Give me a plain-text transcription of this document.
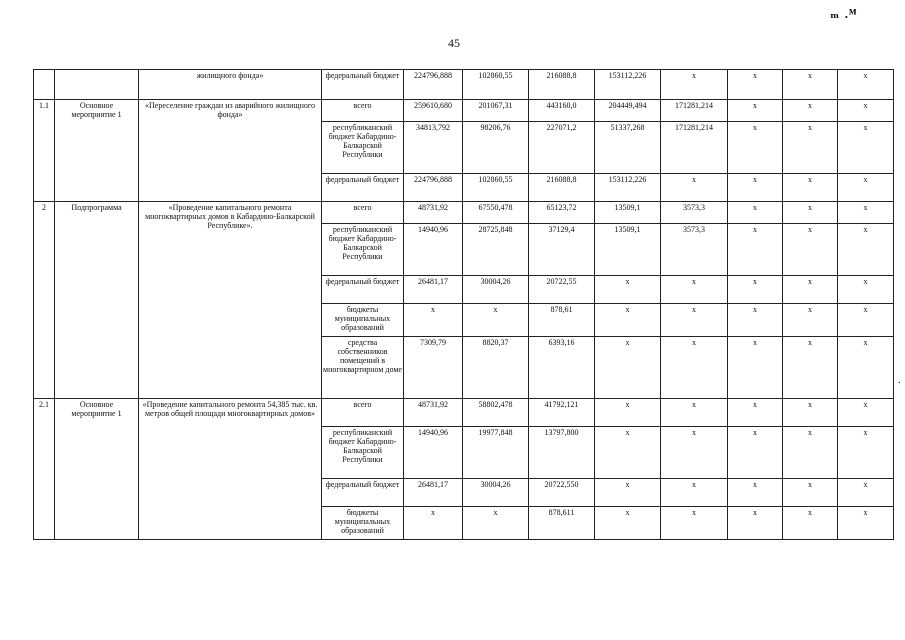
45
ₘ .ᴹ
.
		жилищного фонда»	федеральный бюджет	224796,888	102860,55	216088,8	153112,226	х	х	х	х
1.1	Основное мероприятие 1	«Переселение граждан из аварийного жилищного фонда»	всего	259610,680	201067,31	443160,0	204449,494	171281,214	х	х	х
			республиканский бюджет Кабардино-Балкарской Республики	34813,792	98206,76	227071,2	51337,268	171281,214	х	х	х
			федеральный бюджет	224796,888	102860,55	216088,8	153112,226	х	х	х	х
2	Подпрограмма	«Проведение капитального ремонта многоквартирных домов в Кабардино-Балкарской Республике».	всего	48731,92	67550,478	65123,72	13509,1	3573,3	х	х	х
			республиканский бюджет Кабардино-Балкарской Республики	14940,96	28725,848	37129,4	13509,1	3573,3	х	х	х
			федеральный бюджет	26481,17	30004,26	20722,55	х	х	х	х	х
			бюджеты муниципальных образований	х	х	878,61	х	х	х	х	х
			средства собственников помещений в многоквартирном доме	7309,79	8820,37	6393,16	х	х	х	х	х
2.1	Основное мероприятие 1	«Проведение капитального ремонта 54,385 тыс. кв. метров общей площади многоквартирных домов»	всего	48731,92	58802,478	41792,121	х	х	х	х	х
			республиканский бюджет Кабардино-Балкарской Республики	14940,96	19977,848	13797,800	х	х	х	х	х
			федеральный бюджет	26481,17	30004,26	20722,550	х	х	х	х	х
			бюджеты муниципальных образований	х	х	878,611	х	х	х	х	х
